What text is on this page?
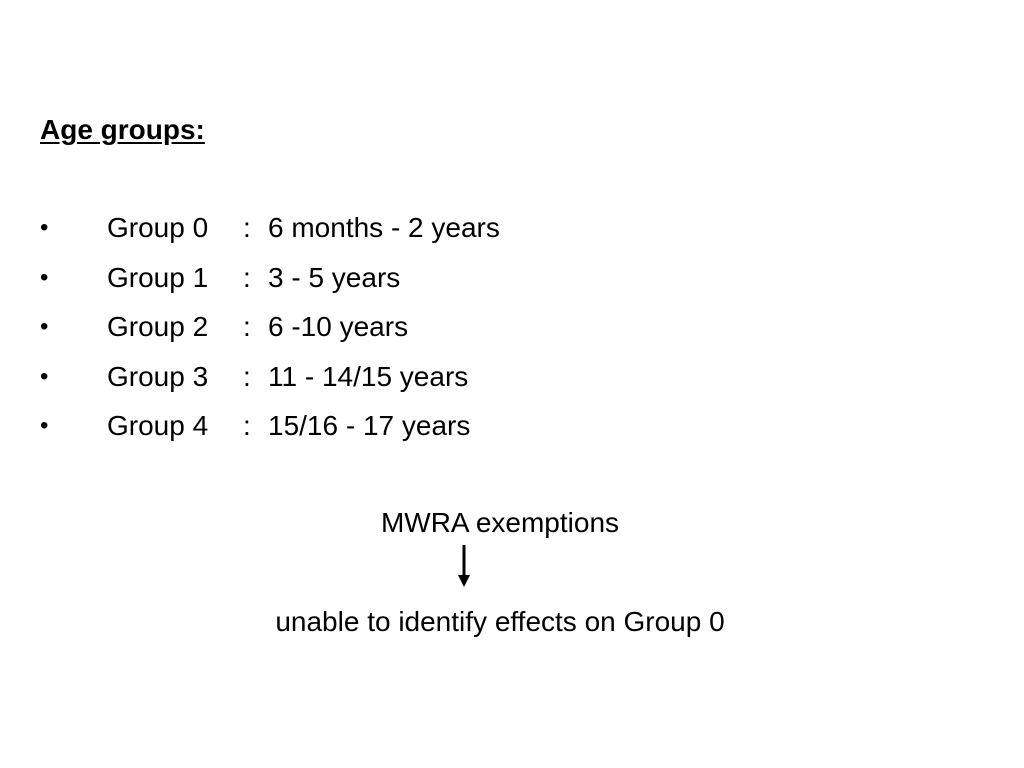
Age groups:
• Group 0 : 6 months - 2 years
• Group 1 : 3 - 5 years
• Group 2 : 6 -10 years
• Group 3 : 11 - 14/15 years
• Group 4 : 15/16 - 17 years
MWRA exemptions
unable to identify effects on Group 0
